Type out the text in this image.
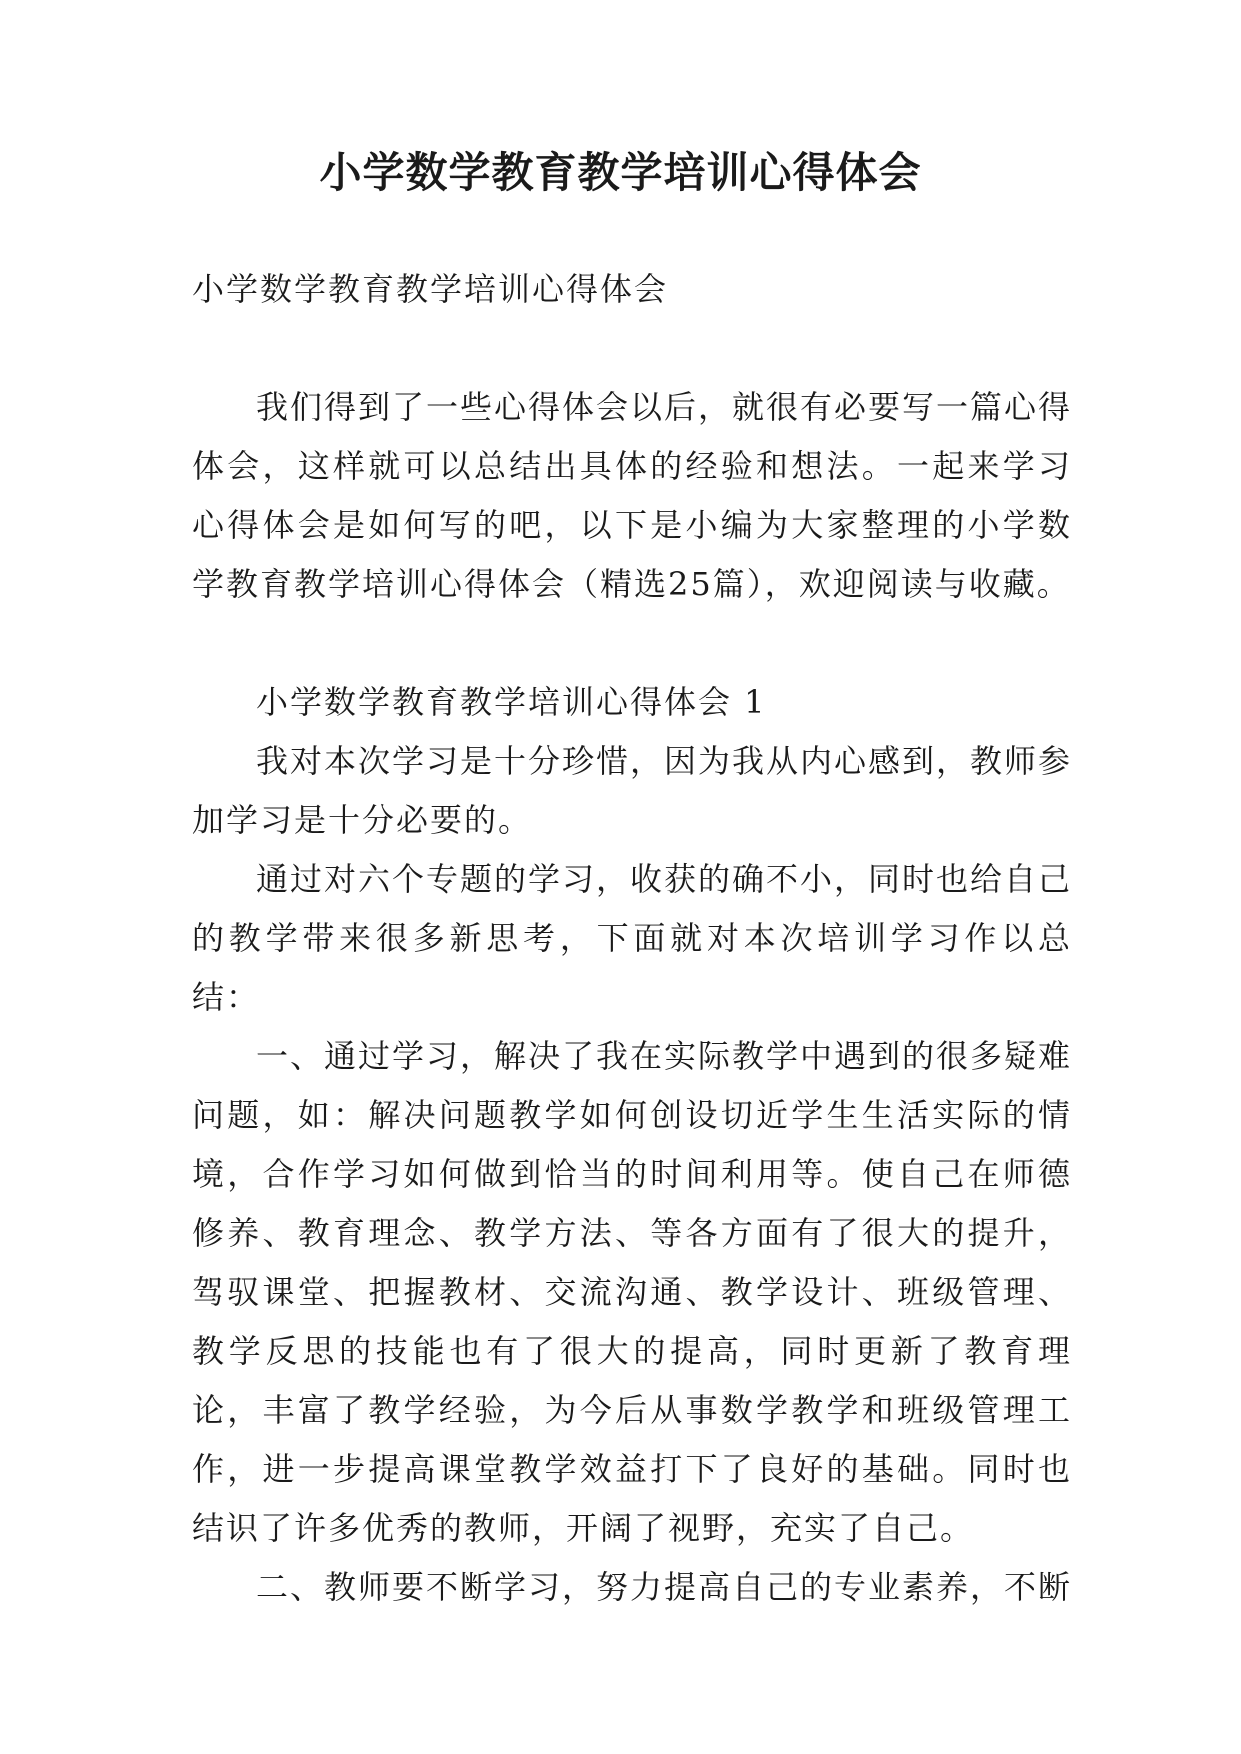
小学数学教育教学培训心得体会

小学数学教育教学培训心得体会

我们得到了一些心得体会以后，就很有必要写一篇心得体会，这样就可以总结出具体的经验和想法。一起来学习心得体会是如何写的吧，以下是小编为大家整理的小学数学教育教学培训心得体会（精选25篇），欢迎阅读与收藏。

小学数学教育教学培训心得体会 1

我对本次学习是十分珍惜，因为我从内心感到，教师参加学习是十分必要的。

通过对六个专题的学习，收获的确不小，同时也给自己的教学带来很多新思考，下面就对本次培训学习作以总结：

一、通过学习，解决了我在实际教学中遇到的很多疑难问题，如：解决问题教学如何创设切近学生生活实际的情境，合作学习如何做到恰当的时间利用等。使自己在师德修养、教育理念、教学方法、等各方面有了很大的提升，驾驭课堂、把握教材、交流沟通、教学设计、班级管理、教学反思的技能也有了很大的提高，同时更新了教育理论，丰富了教学经验，为今后从事数学教学和班级管理工作，进一步提高课堂教学效益打下了良好的基础。同时也结识了许多优秀的教师，开阔了视野，充实了自己。

二、教师要不断学习，努力提高自己的专业素养，不断
